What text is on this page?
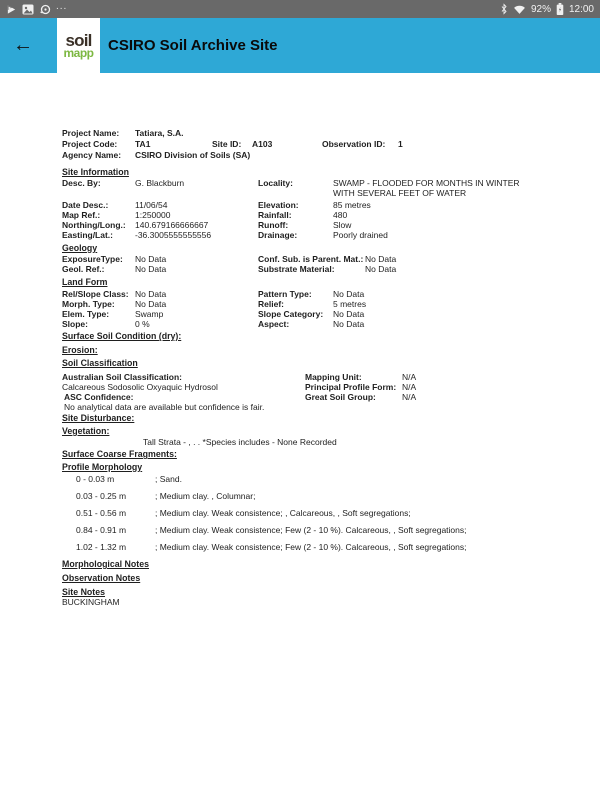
...	92% 12:00
←	soil
mapp CSIRO Soil Archive Site
Project Name: Tatiara, S.A.
Project Code: TA1	Site ID: A103	Observation ID: 1
Agency Name: CSIRO Division of Soils (SA)
Site Information
Desc. By:	G. Blackburn	Locality:	SWAMP - FLOODED FOR MONTHS IN WINTER
WITH SEVERAL FEET OF WATER
Date Desc.:	11/06/54	Elevation:	85 metres
Map Ref.:	1:250000	Rainfall:	480
Northing/Long.: 140.679166666667	Runoff:	Slow
Easting/Lat.:	-36.3005555555556	Drainage:	Poorly drained
Geology
ExposureType: No Data	Conf. Sub. is Parent. Mat.: No Data
Geol. Ref.:	No Data	Substrate Material:	No Data
Land Form
Rel/Slope Class: No Data	Pattern Type:	No Data
Morph. Type: No Data	Relief:	5 metres
Elem. Type:	Swamp	Slope Category: No Data
Slope:	0 %	Aspect:	No Data
Surface Soil Condition (dry):
Erosion:
Soil Classification
Australian Soil Classification:	Mapping Unit:	N/A
Calcareous Sodosolic Oxyaquic Hydrosol	Principal Profile Form: N/A
ASC Confidence:	Great Soil Group:	N/A
No analytical data are available but confidence is fair.
Site Disturbance:
Vegetation:
Tall Strata - , . . *Species includes - None Recorded
Surface Coarse Fragments:
Profile Morphology
0 - 0.03 m	; Sand.
0.03 - 0.25 m	; Medium clay. , Columnar;
0.51 - 0.56 m	; Medium clay. Weak consistence; , Calcareous, , Soft segregations;
0.84 - 0.91 m	; Medium clay. Weak consistence; Few (2 - 10 %). Calcareous, , Soft segregations;
1.02 - 1.32 m	; Medium clay. Weak consistence; Few (2 - 10 %). Calcareous, , Soft segregations;
Morphological Notes
Observation Notes
Site Notes
BUCKINGHAM
